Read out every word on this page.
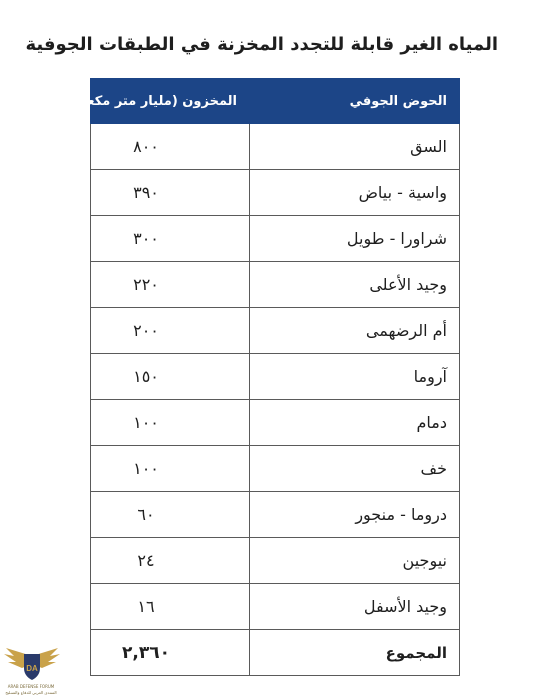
المياه الغير قابلة للتجدد المخزنة في الطبقات الجوفية
الحوض الجوفي	المخزون (مليار متر مكعب)
السق	٨٠٠
واسية - بياض	٣٩٠
شراورا - طويل	٣٠٠
وجيد الأعلى	٢٢٠
أم الرضهمى	٢٠٠
آروما	١٥٠
دمام	١٠٠
خف	١٠٠
دروما - منجور	٦٠
نيوجين	٢٤
وجيد الأسفل	١٦
المجموع	٢,٣٦٠
DA
ARAB DEFENSE FORUM
المنتدى العربي للدفاع والتسليح
